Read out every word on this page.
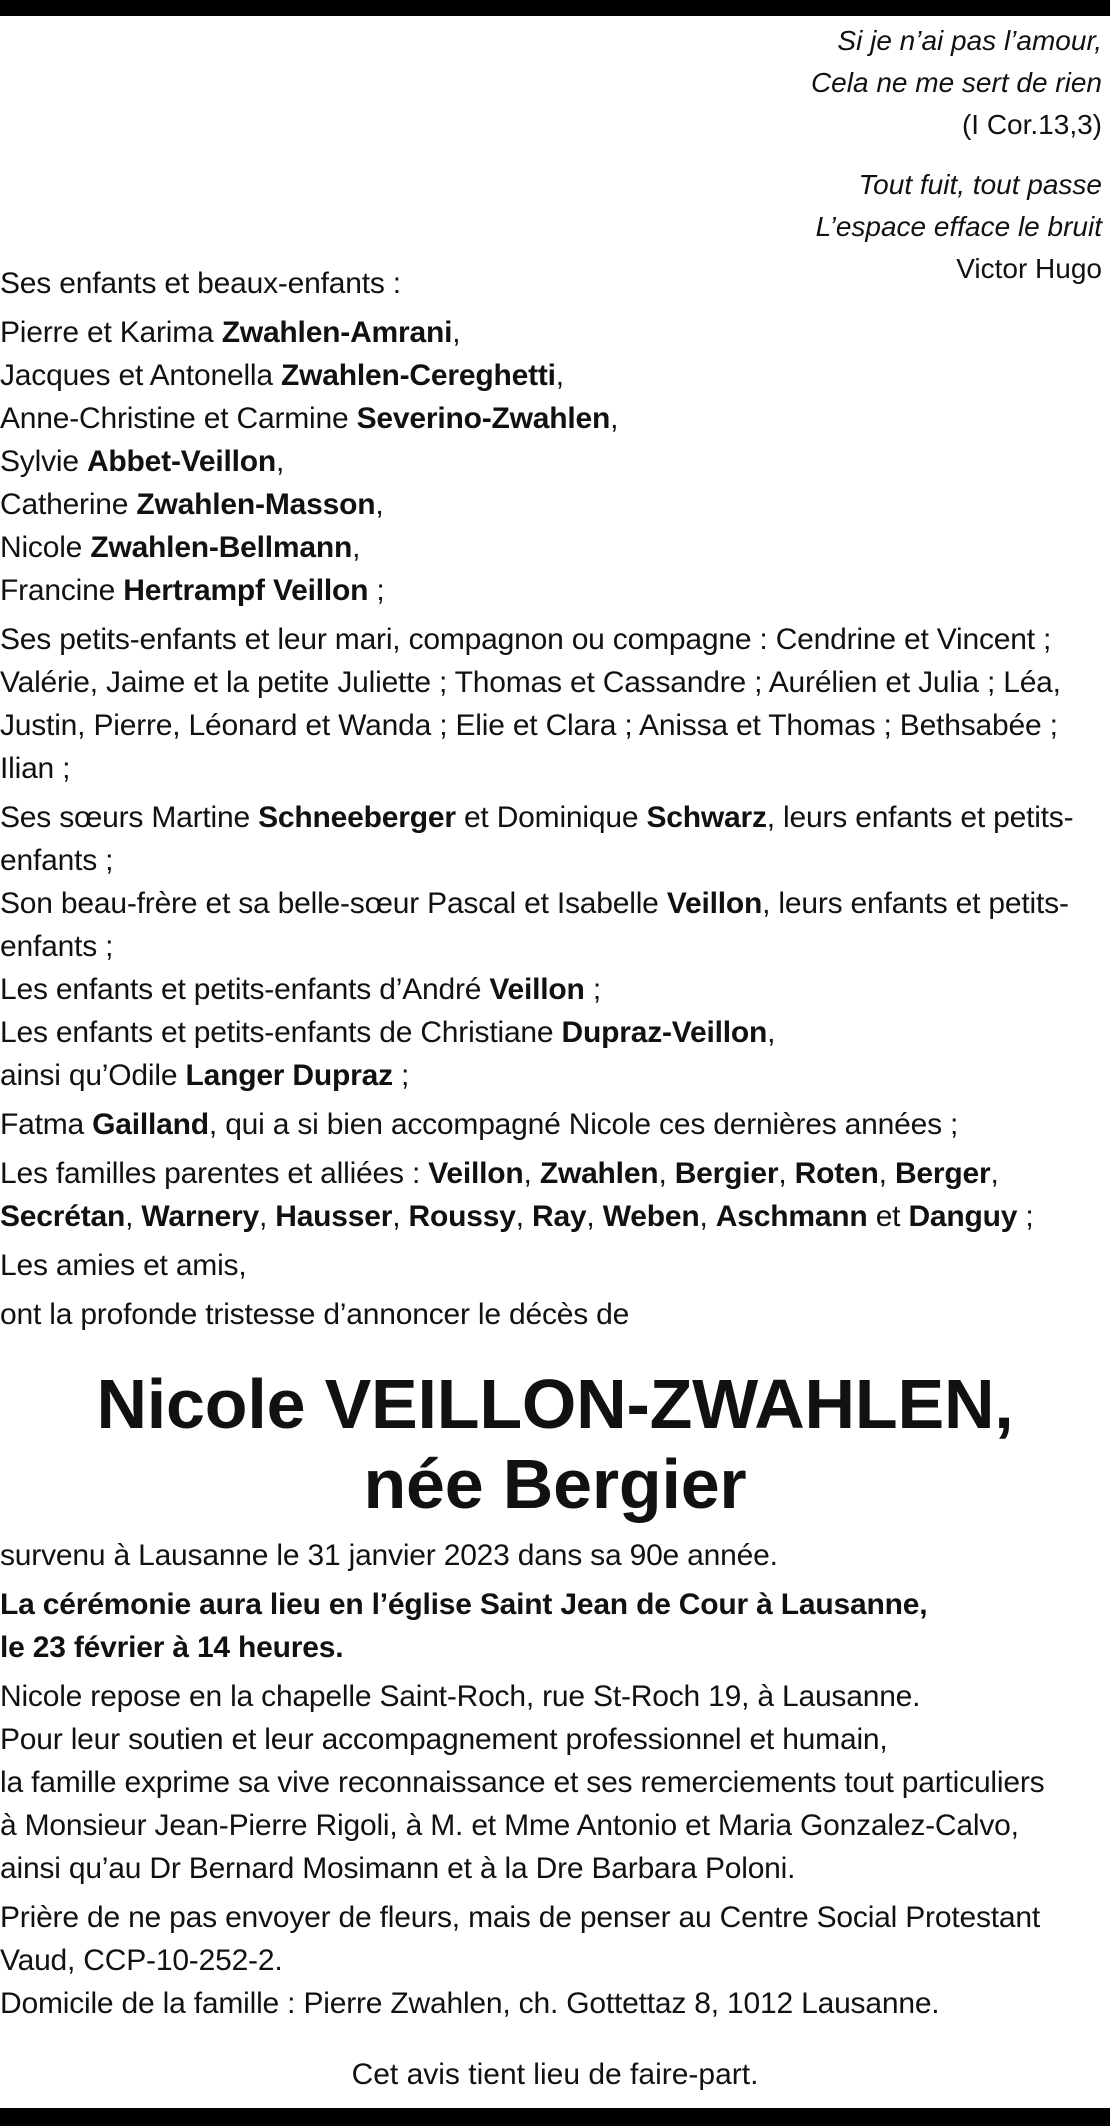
Si je n’ai pas l’amour,
Cela ne me sert de rien
(I Cor.13,3)
Tout fuit, tout passe
L’espace efface le bruit
Victor Hugo

Ses enfants et beaux-enfants :

Pierre et Karima Zwahlen-Amrani,

Jacques et Antonella Zwahlen-Cereghetti,

Anne-Christine et Carmine Severino-Zwahlen,

Sylvie Abbet-Veillon,

Catherine Zwahlen-Masson,

Nicole Zwahlen-Bellmann,

Francine Hertrampf Veillon ;

Ses petits-enfants et leur mari, compagnon ou compagne : Cendrine et Vincent ; Valérie, Jaime et la petite Juliette ; Thomas et Cassandre ; Aurélien et Julia ; Léa, Justin, Pierre, Léonard et Wanda ; Elie et Clara ; Anissa et Thomas ; Bethsabée ; Ilian ;

Ses sœurs Martine Schneeberger et Dominique Schwarz, leurs enfants et petits-enfants ;

Son beau-frère et sa belle-sœur Pascal et Isabelle Veillon, leurs enfants et petits-enfants ;

Les enfants et petits-enfants d’André Veillon ;

Les enfants et petits-enfants de Christiane Dupraz-Veillon,

ainsi qu’Odile Langer Dupraz ;

Fatma Gailland, qui a si bien accompagné Nicole ces dernières années ;

Les familles parentes et alliées : Veillon, Zwahlen, Bergier, Roten, Berger, Secrétan, Warnery, Hausser, Roussy, Ray, Weben, Aschmann et Danguy ;

Les amies et amis,

ont la profonde tristesse d’annoncer le décès de

Nicole VEILLON-ZWAHLEN,
née Bergier

survenu à Lausanne le 31 janvier 2023 dans sa 90e année.

La cérémonie aura lieu en l’église Saint Jean de Cour à Lausanne,

le 23 février à 14 heures.

Nicole repose en la chapelle Saint-Roch, rue St-Roch 19, à Lausanne.

Pour leur soutien et leur accompagnement professionnel et humain,

la famille exprime sa vive reconnaissance et ses remerciements tout particuliers

à Monsieur Jean-Pierre Rigoli, à M. et Mme Antonio et Maria Gonzalez-Calvo,

ainsi qu’au Dr Bernard Mosimann et à la Dre Barbara Poloni.

Prière de ne pas envoyer de fleurs, mais de penser au Centre Social Protestant Vaud, CCP-10-252-2.

Domicile de la famille : Pierre Zwahlen, ch. Gottettaz 8, 1012 Lausanne.

Cet avis tient lieu de faire-part.
